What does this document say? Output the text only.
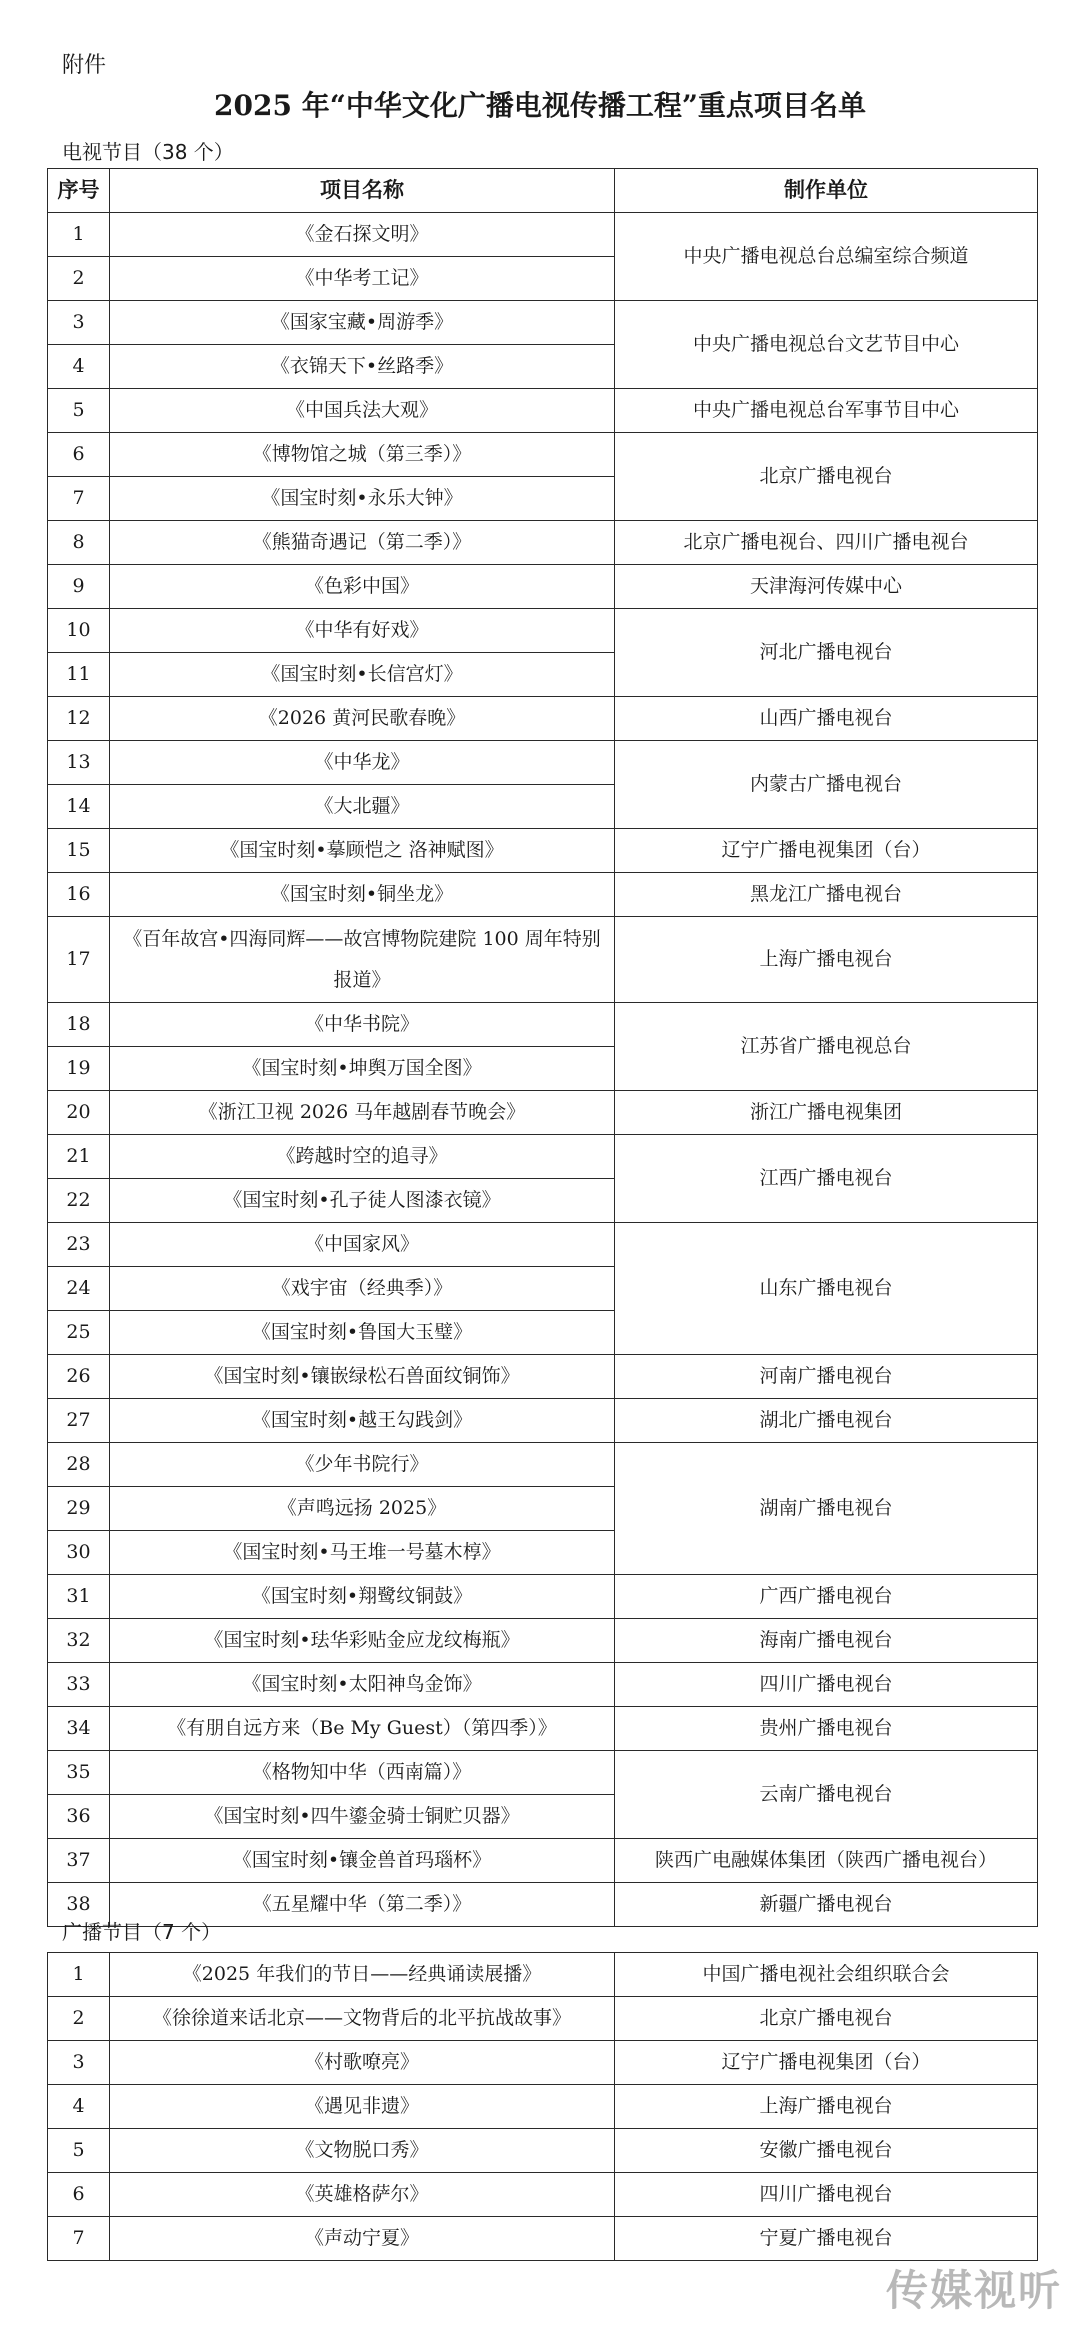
附件
2025 年“中华文化广播电视传播工程”重点项目名单
电视节目（38 个）
序号	项目名称	制作单位
1	《金石探文明》	中央广播电视总台总编室综合频道
2	《中华考工记》	
3	《国家宝藏•周游季》	中央广播电视总台文艺节目中心
4	《衣锦天下•丝路季》	
5	《中国兵法大观》	中央广播电视总台军事节目中心
6	《博物馆之城（第三季）》	北京广播电视台
7	《国宝时刻•永乐大钟》	
8	《熊猫奇遇记（第二季）》	北京广播电视台、四川广播电视台
9	《色彩中国》	天津海河传媒中心
10	《中华有好戏》	河北广播电视台
11	《国宝时刻•长信宫灯》	
12	《2026 黄河民歌春晚》	山西广播电视台
13	《中华龙》	内蒙古广播电视台
14	《大北疆》	
15	《国宝时刻•摹顾恺之 洛神赋图》	辽宁广播电视集团（台）
16	《国宝时刻•铜坐龙》	黑龙江广播电视台
17	《百年故宫•四海同辉——故宫博物院建院 100 周年特别报道》	上海广播电视台
18	《中华书院》	江苏省广播电视总台
19	《国宝时刻•坤舆万国全图》	
20	《浙江卫视 2026 马年越剧春节晚会》	浙江广播电视集团
21	《跨越时空的追寻》	江西广播电视台
22	《国宝时刻•孔子徒人图漆衣镜》	
23	《中国家风》	山东广播电视台
24	《戏宇宙（经典季）》	
25	《国宝时刻•鲁国大玉璧》	
26	《国宝时刻•镶嵌绿松石兽面纹铜饰》	河南广播电视台
27	《国宝时刻•越王勾践剑》	湖北广播电视台
28	《少年书院行》	湖南广播电视台
29	《声鸣远扬 2025》	
30	《国宝时刻•马王堆一号墓木椁》	
31	《国宝时刻•翔鹭纹铜鼓》	广西广播电视台
32	《国宝时刻•珐华彩贴金应龙纹梅瓶》	海南广播电视台
33	《国宝时刻•太阳神鸟金饰》	四川广播电视台
34	《有朋自远方来（Be My Guest）（第四季）》	贵州广播电视台
35	《格物知中华（西南篇）》	云南广播电视台
36	《国宝时刻•四牛鎏金骑士铜贮贝器》	
37	《国宝时刻•镶金兽首玛瑙杯》	陕西广电融媒体集团（陕西广播电视台）
38	《五星耀中华（第二季）》	新疆广播电视台
广播节目（7 个）
1	《2025 年我们的节日——经典诵读展播》	中国广播电视社会组织联合会
2	《徐徐道来话北京——文物背后的北平抗战故事》	北京广播电视台
3	《村歌嘹亮》	辽宁广播电视集团（台）
4	《遇见非遗》	上海广播电视台
5	《文物脱口秀》	安徽广播电视台
6	《英雄格萨尔》	四川广播电视台
7	《声动宁夏》	宁夏广播电视台
传媒视听
